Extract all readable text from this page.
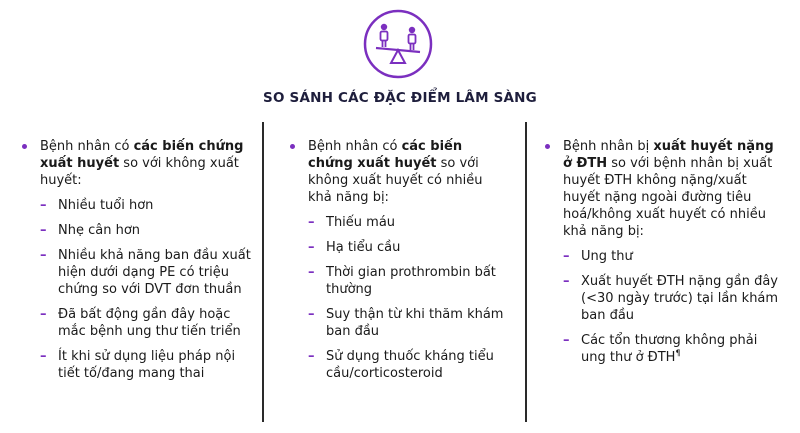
SO SÁNH CÁC ĐẶC ĐIỂM LÂM SÀNG
Bệnh nhân có các biến chứng xuất huyết so với không xuất huyết:
– Nhiều tuổi hơn
– Nhẹ cân hơn
– Nhiều khả năng ban đầu xuất hiện dưới dạng PE có triệu chứng so với DVT đơn thuần
– Đã bất động gần đây hoặc mắc bệnh ung thư tiến triển
– Ít khi sử dụng liệu pháp nội tiết tố/đang mang thai
Bệnh nhân có các biến chứng xuất huyết so với không xuất huyết có nhiều khả năng bị:
– Thiếu máu
– Hạ tiểu cầu
– Thời gian prothrombin bất thường
– Suy thận từ khi thăm khám ban đầu
– Sử dụng thuốc kháng tiểu cầu/corticosteroid
Bệnh nhân bị xuất huyết nặng ở ĐTH so với bệnh nhân bị xuất huyết ĐTH không nặng/xuất huyết nặng ngoài đường tiêu hoá/không xuất huyết có nhiều khả năng bị:
– Ung thư
– Xuất huyết ĐTH nặng gần đây (<30 ngày trước) tại lần khám ban đầu
– Các tổn thương không phải ung thư ở ĐTH¶
